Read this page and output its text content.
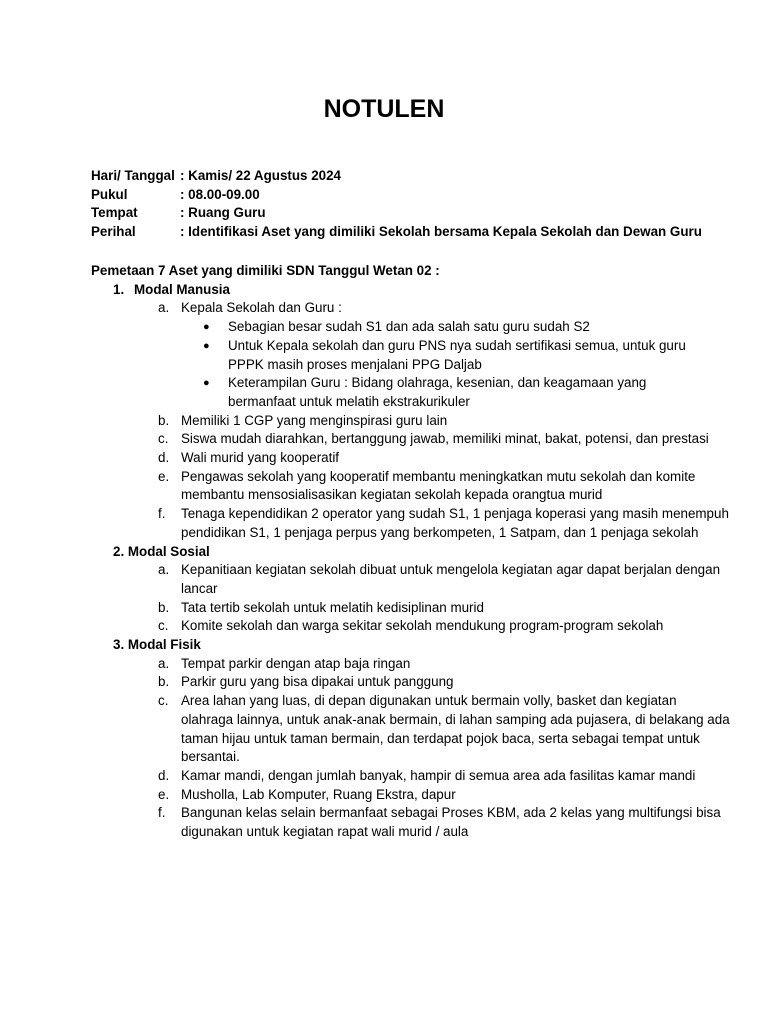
NOTULEN
Hari/ Tanggal : Kamis/ 22 Agustus 2024
Pukul	: 08.00-09.00
Tempat	: Ruang Guru
Perihal	: Identifikasi Aset yang dimiliki Sekolah bersama Kepala Sekolah dan Dewan Guru
Pemetaan 7 Aset yang dimiliki SDN Tanggul Wetan 02 :
1. Modal Manusia
a. Kepala Sekolah dan Guru :
●	Sebagian besar sudah S1 dan ada salah satu guru sudah S2
●	Untuk Kepala sekolah dan guru PNS nya sudah sertifikasi semua, untuk guru PPPK masih proses menjalani PPG Daljab
●	Keterampilan Guru : Bidang olahraga, kesenian, dan keagamaan yang bermanfaat untuk melatih ekstrakurikuler
b. Memiliki 1 CGP yang menginspirasi guru lain
c. Siswa mudah diarahkan, bertanggung jawab, memiliki minat, bakat, potensi, dan prestasi
d. Wali murid yang kooperatif
e. Pengawas sekolah yang kooperatif membantu meningkatkan mutu sekolah dan komite membantu mensosialisasikan kegiatan sekolah kepada orangtua murid
f.	Tenaga kependidikan 2 operator yang sudah S1, 1 penjaga koperasi yang masih menempuh pendidikan S1, 1 penjaga perpus yang berkompeten, 1 Satpam, dan 1 penjaga sekolah
2.
Modal Sosial
a. Kepanitiaan kegiatan sekolah dibuat untuk mengelola kegiatan agar dapat berjalan dengan lancar
b. Tata tertib sekolah untuk melatih kedisiplinan murid
c. Komite sekolah dan warga sekitar sekolah mendukung program-program sekolah
3.
Modal Fisik
a. Tempat parkir dengan atap baja ringan
b. Parkir guru yang bisa dipakai untuk panggung
c. Area lahan yang luas, di depan digunakan untuk bermain volly, basket dan kegiatan olahraga lainnya, untuk anak-anak bermain, di lahan samping ada pujasera, di belakang ada taman hijau untuk taman bermain, dan terdapat pojok baca, serta sebagai tempat untuk bersantai.
d. Kamar mandi, dengan jumlah banyak, hampir di semua area ada fasilitas kamar mandi
e. Musholla, Lab Komputer, Ruang Ekstra, dapur
f.	Bangunan kelas selain bermanfaat sebagai Proses KBM, ada 2 kelas yang multifungsi bisa digunakan untuk kegiatan rapat wali murid / aula
